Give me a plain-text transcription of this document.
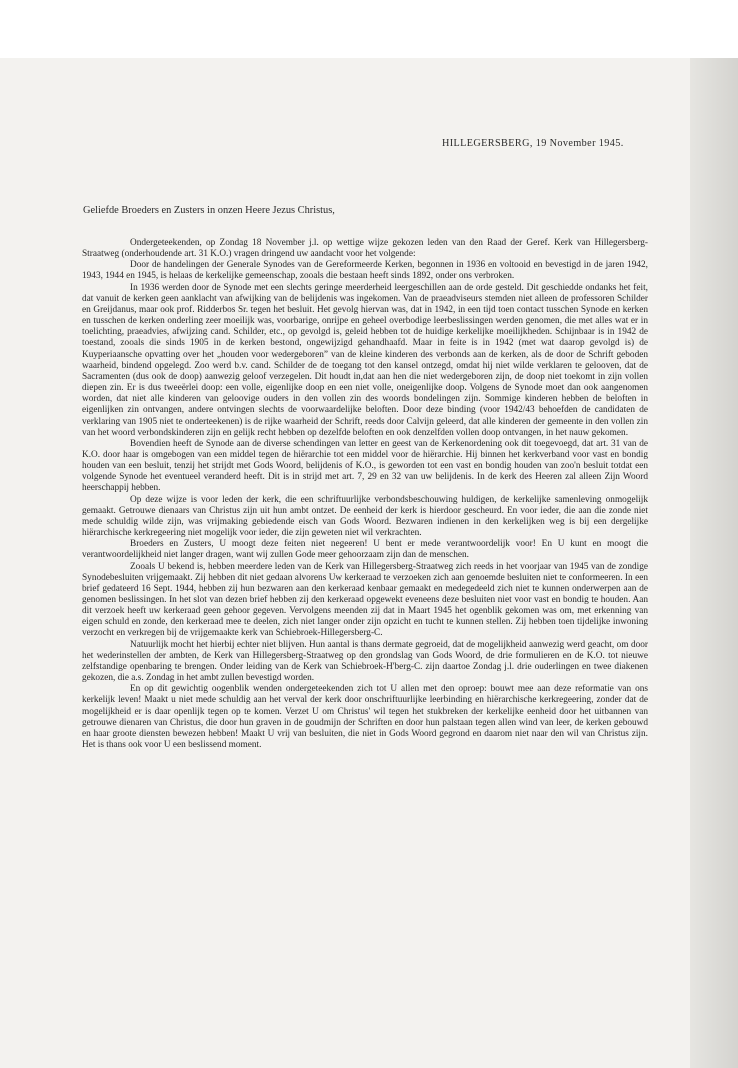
HILLEGERSBERG, 19 November 1945.
Geliefde Broeders en Zusters in onzen Heere Jezus Christus,

Ondergeteekenden, op Zondag 18 November j.l. op wettige wijze gekozen leden van den Raad der Geref. Kerk van Hillegersberg-Straatweg (onderhoudende art. 31 K.O.) vragen dringend uw aandacht voor het volgende:

Door de handelingen der Generale Synodes van de Gereformeerde Kerken, begonnen in 1936 en voltooid en bevestigd in de jaren 1942, 1943, 1944 en 1945, is helaas de kerkelijke gemeenschap, zooals die bestaan heeft sinds 1892, onder ons verbroken.

In 1936 werden door de Synode met een slechts geringe meerderheid leergeschillen aan de orde gesteld. Dit geschiedde ondanks het feit, dat vanuit de kerken geen aanklacht van afwijking van de belijdenis was ingekomen. Van de praeadviseurs stemden niet alleen de professoren Schilder en Greijdanus, maar ook prof. Ridderbos Sr. tegen het besluit. Het gevolg hiervan was, dat in 1942, in een tijd toen contact tusschen Synode en kerken en tusschen de kerken onderling zeer moeilijk was, voorbarige, onrijpe en geheel overbodige leerbeslissingen werden genomen, die met alles wat er in toelichting, praeadvies, afwijzing cand. Schilder, etc., op gevolgd is, geleid hebben tot de huidige kerkelijke moeilijkheden. Schijnbaar is in 1942 de toestand, zooals die sinds 1905 in de kerken bestond, ongewijzigd gehandhaafd. Maar in feite is in 1942 (met wat daarop gevolgd is) de Kuyperiaansche opvatting over het „houden voor wedergeboren” van de kleine kinderen des verbonds aan de kerken, als de door de Schrift geboden waarheid, bindend opgelegd. Zoo werd b.v. cand. Schilder de de toegang tot den kansel ontzegd, omdat hij niet wilde verklaren te gelooven, dat de Sacramenten (dus ook de doop) aanwezig geloof verzegelen. Dit houdt in,dat aan hen die niet wedergeboren zijn, de doop niet toekomt in zijn vollen diepen zin. Er is dus tweeërlei doop: een volle, eigenlijke doop en een niet volle, oneigenlijke doop. Volgens de Synode moet dan ook aangenomen worden, dat niet alle kinderen van geloovige ouders in den vollen zin des woords bondelingen zijn. Sommige kinderen hebben de beloften in eigenlijken zin ontvangen, andere ontvingen slechts de voorwaardelijke beloften. Door deze binding (voor 1942/43 behoefden de candidaten de verklaring van 1905 niet te onderteekenen) is de rijke waarheid der Schrift, reeds door Calvijn geleerd, dat alle kinderen der gemeente in den vollen zin van het woord verbondskinderen zijn en gelijk recht hebben op dezelfde beloften en ook denzelfden vollen doop ontvangen, in het nauw gekomen.

Bovendien heeft de Synode aan de diverse schendingen van letter en geest van de Kerkenordening ook dit toegevoegd, dat art. 31 van de K.O. door haar is omgebogen van een middel tegen de hiërarchie tot een middel voor de hiërarchie. Hij binnen het kerkverband voor vast en bondig houden van een besluit, tenzij het strijdt met Gods Woord, belijdenis of K.O., is geworden tot een vast en bondig houden van zoo'n besluit totdat een volgende Synode het eventueel veranderd heeft. Dit is in strijd met art. 7, 29 en 32 van uw belijdenis. In de kerk des Heeren zal alleen Zijn Woord heerschappij hebben.

Op deze wijze is voor leden der kerk, die een schriftuurlijke verbondsbeschouwing huldigen, de kerkelijke samenleving onmogelijk gemaakt. Getrouwe dienaars van Christus zijn uit hun ambt ontzet. De eenheid der kerk is hierdoor gescheurd. En voor ieder, die aan die zonde niet mede schuldig wilde zijn, was vrijmaking gebiedende eisch van Gods Woord. Bezwaren indienen in den kerkelijken weg is bij een dergelijke hiërarchische kerkregeering niet mogelijk voor ieder, die zijn geweten niet wil verkrachten.

Broeders en Zusters, U moogt deze feiten niet negeeren! U bent er mede verantwoordelijk voor! En U kunt en moogt die verantwoordelijkheid niet langer dragen, want wij zullen Gode meer gehoorzaam zijn dan de menschen.

Zooals U bekend is, hebben meerdere leden van de Kerk van Hillegersberg-Straatweg zich reeds in het voorjaar van 1945 van de zondige Synodebesluiten vrijgemaakt. Zij hebben dit niet gedaan alvorens Uw kerkeraad te verzoeken zich aan genoemde besluiten niet te conformeeren. In een brief gedateerd 16 Sept. 1944, hebben zij hun bezwaren aan den kerkeraad kenbaar gemaakt en medegedeeld zich niet te kunnen onderwerpen aan de genomen beslissingen. In het slot van dezen brief hebben zij den kerkeraad opgewekt eveneens deze besluiten niet voor vast en bondig te houden. Aan dit verzoek heeft uw kerkeraad geen gehoor gegeven. Vervolgens meenden zij dat in Maart 1945 het ogenblik gekomen was om, met erkenning van eigen schuld en zonde, den kerkeraad mee te deelen, zich niet langer onder zijn opzicht en tucht te kunnen stellen. Zij hebben toen tijdelijke inwoning verzocht en verkregen bij de vrijgemaakte kerk van Schiebroek-Hillegersberg-C.

Natuurlijk mocht het hierbij echter niet blijven. Hun aantal is thans dermate gegroeid, dat de mogelijkheid aanwezig werd geacht, om door het wederinstellen der ambten, de Kerk van Hillegersberg-Straatweg op den grondslag van Gods Woord, de drie formulieren en de K.O. tot nieuwe zelfstandige openbaring te brengen. Onder leiding van de Kerk van Schiebroek-H'berg-C. zijn daartoe Zondag j.l. drie ouderlingen en twee diakenen gekozen, die a.s. Zondag in het ambt zullen bevestigd worden.

En op dit gewichtig oogenblik wenden ondergeteekenden zich tot U allen met den oproep: bouwt mee aan deze reformatie van ons kerkelijk leven! Maakt u niet mede schuldig aan het verval der kerk door onschriftuurlijke leerbinding en hiërarchische kerkregeering, zonder dat de mogelijkheid er is daar openlijk tegen op te komen. Verzet U om Christus' wil tegen het stukbreken der kerkelijke eenheid door het uitbannen van getrouwe dienaren van Christus, die door hun graven in de goudmijn der Schriften en door hun palstaan tegen allen wind van leer, de kerken gebouwd en haar groote diensten bewezen hebben! Maakt U vrij van besluiten, die niet in Gods Woord gegrond en daarom niet naar den wil van Christus zijn. Het is thans ook voor U een beslissend moment.
